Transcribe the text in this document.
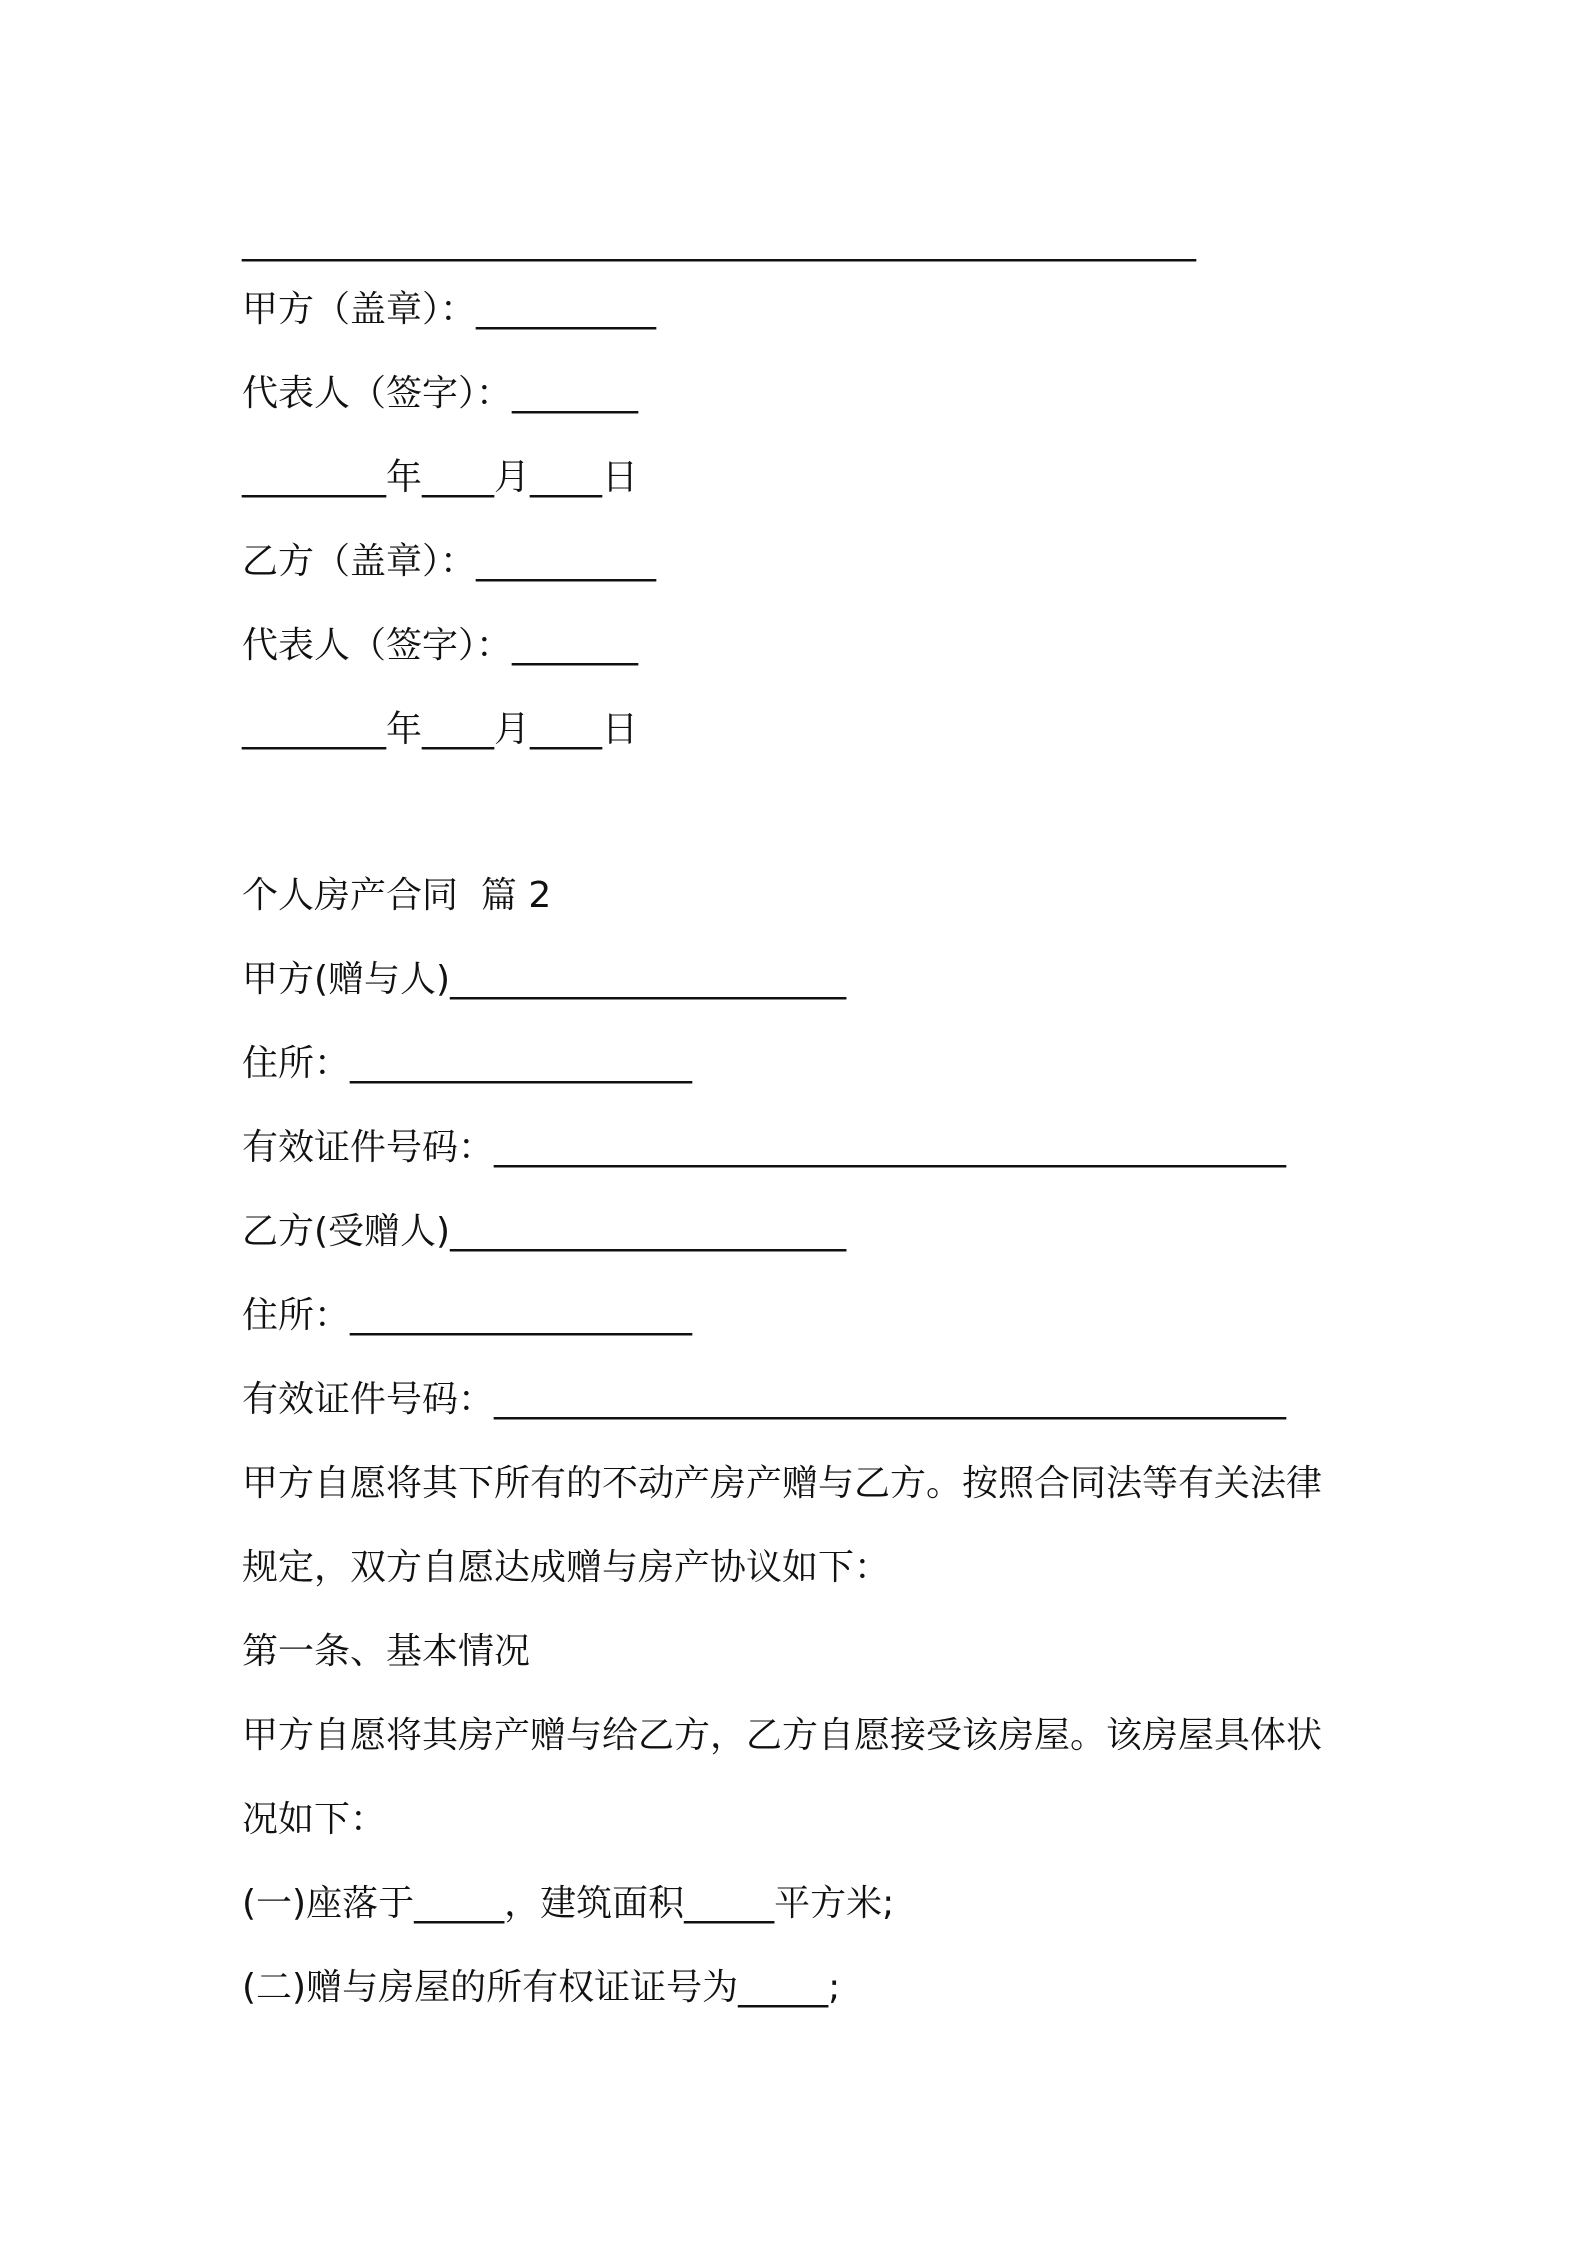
_____________________________________________________
甲方（盖章）：__________
代表人（签字）：_______
________年____月____日
乙方（盖章）：__________
代表人（签字）：_______
________年____月____日
个人房产合同  篇 2
甲方(赠与人)______________________
住所：___________________
有效证件号码：____________________________________________
乙方(受赠人)______________________
住所：___________________
有效证件号码：____________________________________________
甲方自愿将其下所有的不动产房产赠与乙方。按照合同法等有关法律
规定，双方自愿达成赠与房产协议如下：
第一条、基本情况
甲方自愿将其房产赠与给乙方，乙方自愿接受该房屋。该房屋具体状
况如下：
(一)座落于_____，建筑面积_____平方米;
(二)赠与房屋的所有权证证号为_____;
